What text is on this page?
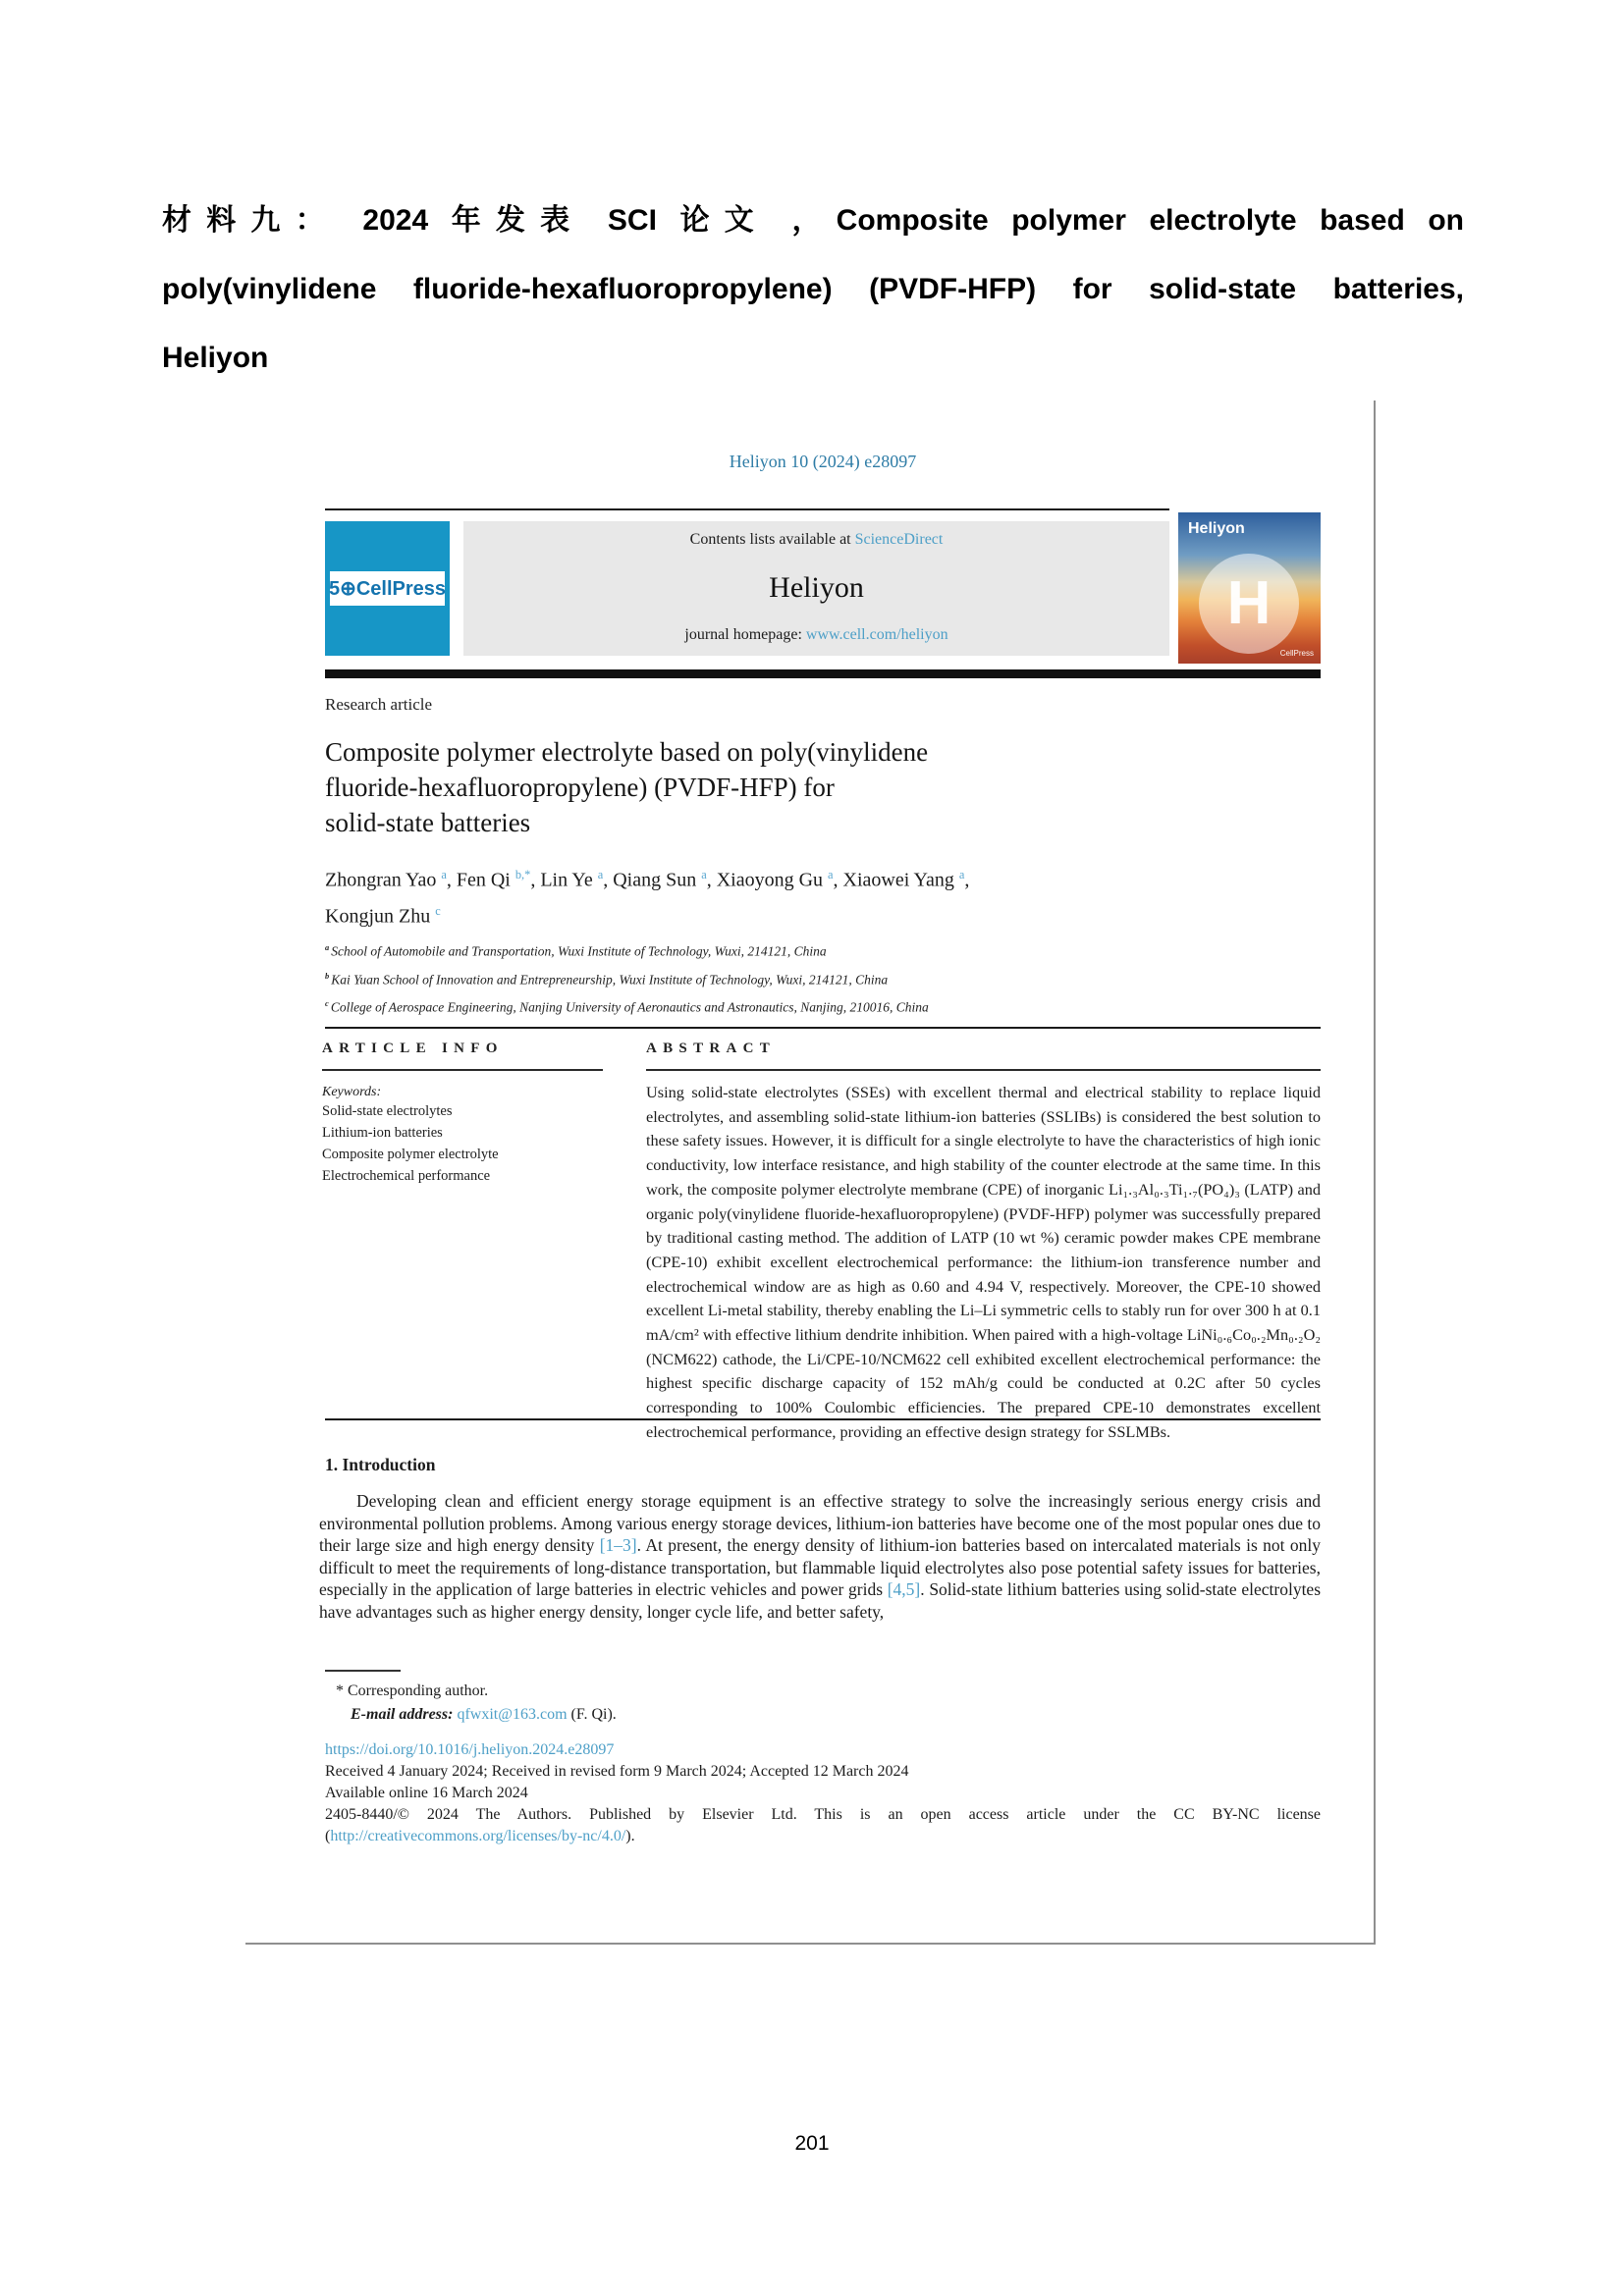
材料九： 2024 年发表 SCI 论文 ，Composite polymer electrolyte based on
poly(vinylidene fluoride-hexafluoropropylene) (PVDF-HFP) for solid-state batteries,
Heliyon
Heliyon 10 (2024) e28097
5⊕CellPress
Contents lists available at ScienceDirect
Heliyon
journal homepage: www.cell.com/heliyon
Heliyon
H
CellPress
Research article
Composite polymer electrolyte based on poly(vinylidene
fluoride-hexafluoropropylene) (PVDF-HFP) for
solid-state batteries
Zhongran Yao $^a$, Fen Qi $^{b,*}$, Lin Ye $^a$, Qiang Sun $^a$, Xiaoyong Gu $^a$, Xiaowei Yang $^a$,
Kongjun Zhu $^c$
$^a$ School of Automobile and Transportation, Wuxi Institute of Technology, Wuxi, 214121, China
$^b$ Kai Yuan School of Innovation and Entrepreneurship, Wuxi Institute of Technology, Wuxi, 214121, China
$^c$ College of Aerospace Engineering, Nanjing University of Aeronautics and Astronautics, Nanjing, 210016, China
ARTICLE INFO
Keywords:
Solid-state electrolytes
Lithium-ion batteries
Composite polymer electrolyte
Electrochemical performance
ABSTRACT
Using solid-state electrolytes (SSEs) with excellent thermal and electrical stability to replace liquid electrolytes, and assembling solid-state lithium-ion batteries (SSLIBs) is considered the best solution to these safety issues. However, it is difficult for a single electrolyte to have the characteristics of high ionic conductivity, low interface resistance, and high stability of the counter electrode at the same time. In this work, the composite polymer electrolyte membrane (CPE) of inorganic Li₁.₃Al₀.₃Ti₁.₇(PO₄)₃ (LATP) and organic poly(vinylidene fluoride-hexafluoropropylene) (PVDF-HFP) polymer was successfully prepared by traditional casting method. The addition of LATP (10 wt %) ceramic powder makes CPE membrane (CPE-10) exhibit excellent electrochemical performance: the lithium-ion transference number and electrochemical window are as high as 0.60 and 4.94 V, respectively. Moreover, the CPE-10 showed excellent Li-metal stability, thereby enabling the Li–Li symmetric cells to stably run for over 300 h at 0.1 mA/cm² with effective lithium dendrite inhibition. When paired with a high-voltage LiNi₀.₆Co₀.₂Mn₀.₂O₂ (NCM622) cathode, the Li/CPE-10/NCM622 cell exhibited excellent electrochemical performance: the highest specific discharge capacity of 152 mAh/g could be conducted at 0.2C after 50 cycles corresponding to 100% Coulombic efficiencies. The prepared CPE-10 demonstrates excellent electrochemical performance, providing an effective design strategy for SSLMBs.
1. Introduction
Developing clean and efficient energy storage equipment is an effective strategy to solve the increasingly serious energy crisis and environmental pollution problems. Among various energy storage devices, lithium-ion batteries have become one of the most popular ones due to their large size and high energy density [1–3]. At present, the energy density of lithium-ion batteries based on intercalated materials is not only difficult to meet the requirements of long-distance transportation, but flammable liquid electrolytes also pose potential safety issues for batteries, especially in the application of large batteries in electric vehicles and power grids [4,5]. Solid-state lithium batteries using solid-state electrolytes have advantages such as higher energy density, longer cycle life, and better safety,
* Corresponding author.
E-mail address: qfwxit@163.com (F. Qi).
https://doi.org/10.1016/j.heliyon.2024.e28097
Received 4 January 2024; Received in revised form 9 March 2024; Accepted 12 March 2024
Available online 16 March 2024
2405-8440/© 2024 The Authors. Published by Elsevier Ltd. This is an open access article under the CC BY-NC license
(http://creativecommons.org/licenses/by-nc/4.0/).
201
